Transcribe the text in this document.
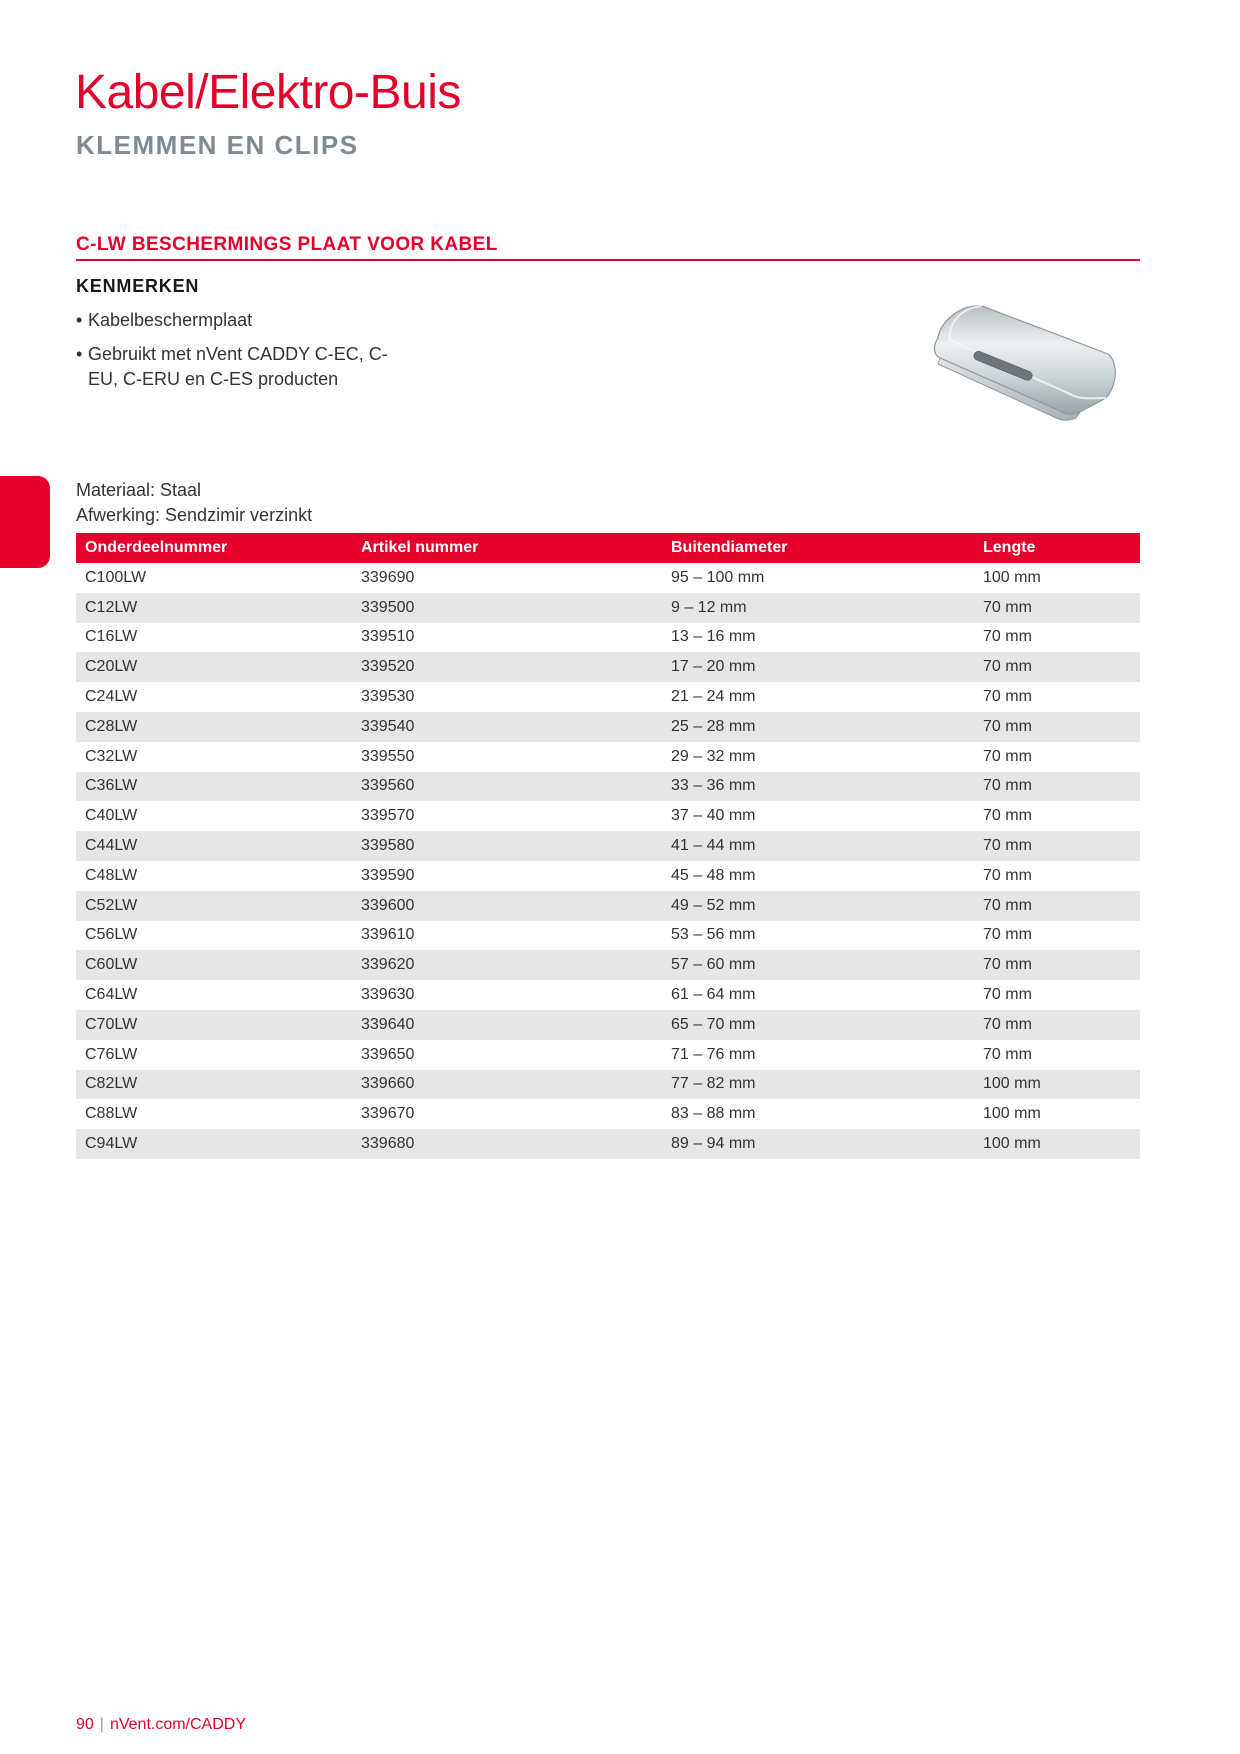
Kabel/Elektro-Buis
KLEMMEN EN CLIPS
C-LW BESCHERMINGS PLAAT VOOR KABEL
KENMERKEN
• Kabelbeschermplaat
• Gebruikt met nVent CADDY C-EC, C-EU, C-ERU en C-ES producten

Materiaal: Staal

Afwerking: Sendzimir verzinkt

Onderdeelnummer	Artikel nummer	Buitendiameter	Lengte
C100LW	339690	95 – 100 mm	100 mm
C12LW	339500	9 – 12 mm	70 mm
C16LW	339510	13 – 16 mm	70 mm
C20LW	339520	17 – 20 mm	70 mm
C24LW	339530	21 – 24 mm	70 mm
C28LW	339540	25 – 28 mm	70 mm
C32LW	339550	29 – 32 mm	70 mm
C36LW	339560	33 – 36 mm	70 mm
C40LW	339570	37 – 40 mm	70 mm
C44LW	339580	41 – 44 mm	70 mm
C48LW	339590	45 – 48 mm	70 mm
C52LW	339600	49 – 52 mm	70 mm
C56LW	339610	53 – 56 mm	70 mm
C60LW	339620	57 – 60 mm	70 mm
C64LW	339630	61 – 64 mm	70 mm
C70LW	339640	65 – 70 mm	70 mm
C76LW	339650	71 – 76 mm	70 mm
C82LW	339660	77 – 82 mm	100 mm
C88LW	339670	83 – 88 mm	100 mm
C94LW	339680	89 – 94 mm	100 mm
90 | nVent.com/CADDY
